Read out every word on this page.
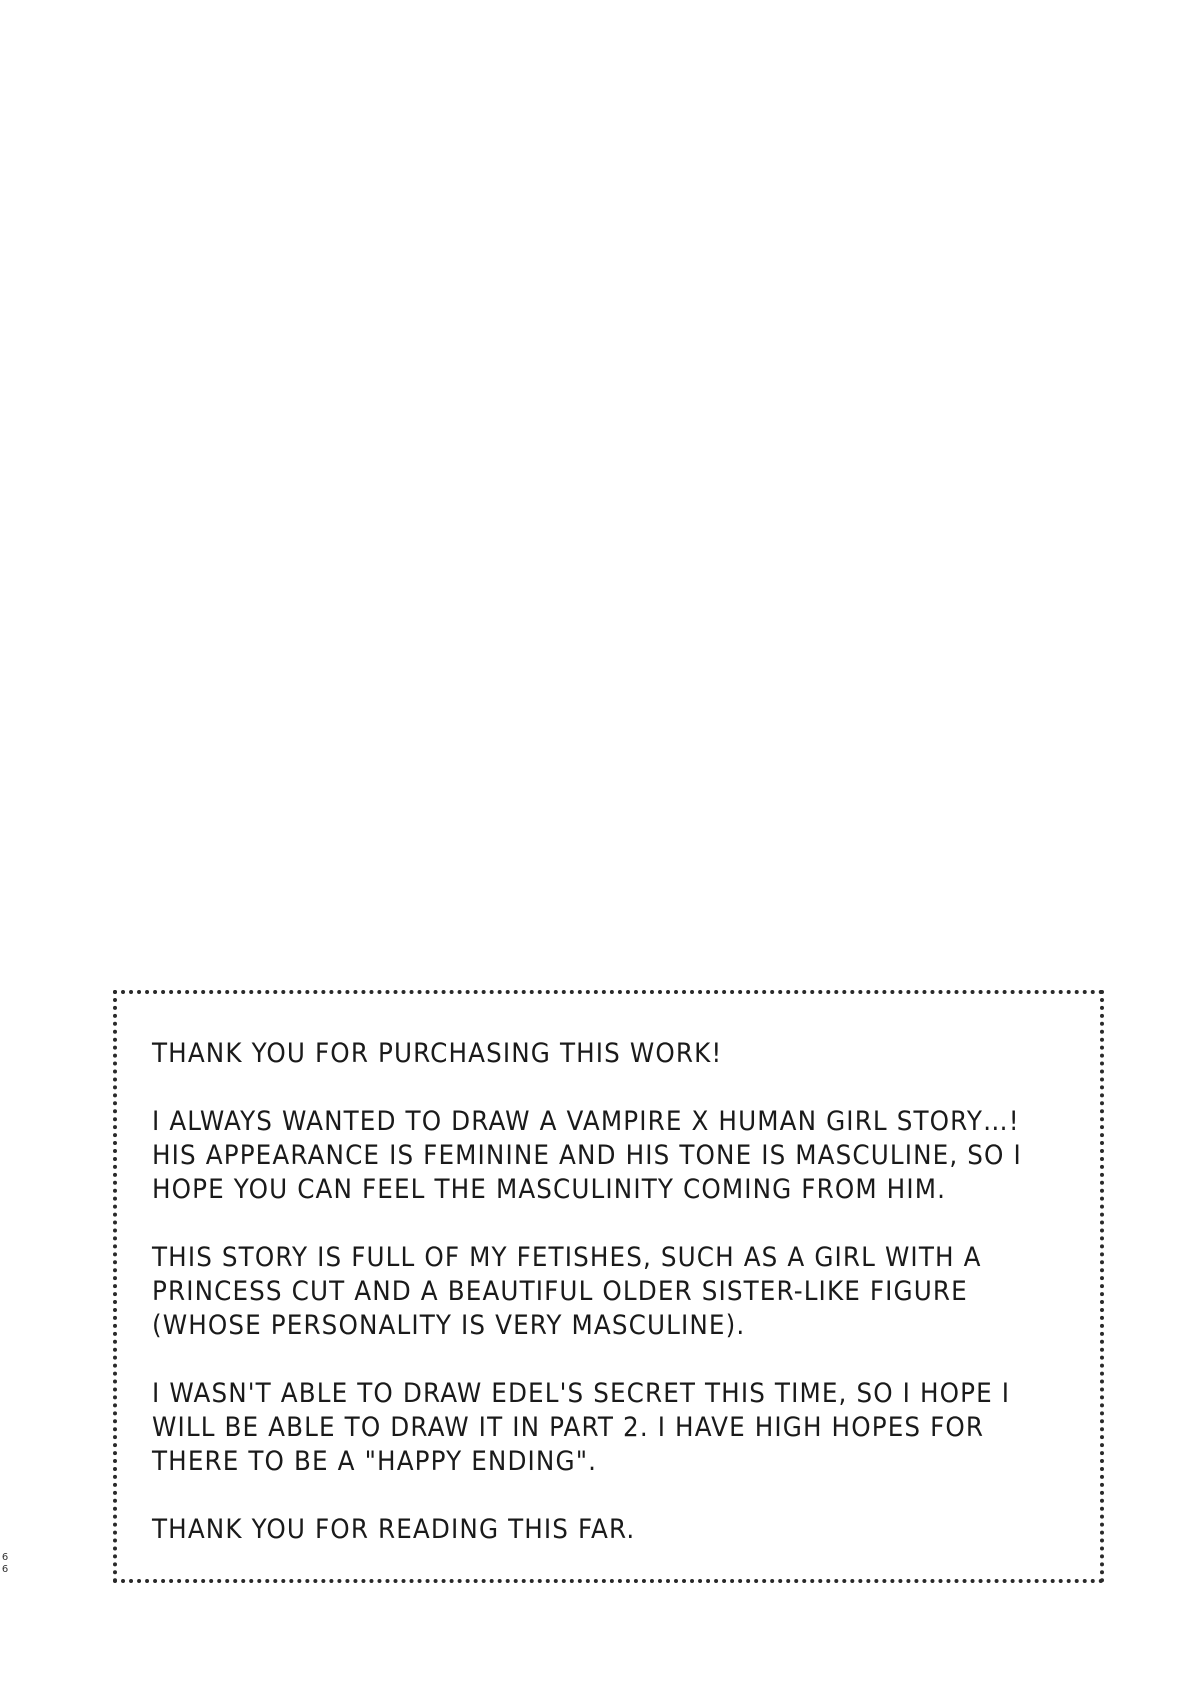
THANK YOU FOR PURCHASING THIS WORK!

I ALWAYS WANTED TO DRAW A VAMPIRE X HUMAN GIRL STORY…!
HIS APPEARANCE IS FEMININE AND HIS TONE IS MASCULINE, SO I
HOPE YOU CAN FEEL THE MASCULINITY COMING FROM HIM.

THIS STORY IS FULL OF MY FETISHES, SUCH AS A GIRL WITH A
PRINCESS CUT AND A BEAUTIFUL OLDER SISTER-LIKE FIGURE
(WHOSE PERSONALITY IS VERY MASCULINE).

I WASN'T ABLE TO DRAW EDEL'S SECRET THIS TIME, SO I HOPE I
WILL BE ABLE TO DRAW IT IN PART 2. I HAVE HIGH HOPES FOR
THERE TO BE A "HAPPY ENDING".

THANK YOU FOR READING THIS FAR.

6
6
